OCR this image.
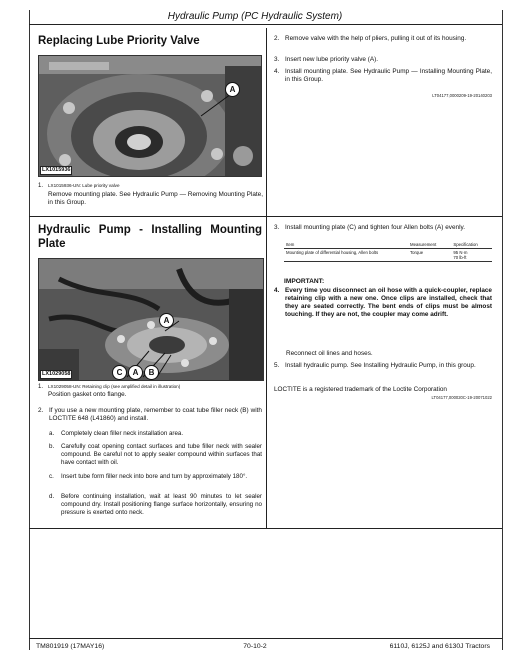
Hydraulic Pump (PC Hydraulic System)
Replacing Lube Priority Valve
A
LX1015936
1. LX1015936-UN: Lube priority valve
Remove mounting plate. See Hydraulic Pump — Removing Mounting Plate, in this Group.
2. Remove valve with the help of pliers, pulling it out of its housing.
3. Insert new lube priority valve (A).
4. Install mounting plate. See Hydraulic Pump — Installing Mounting Plate, in this Group.
LT04177,0000209-19-20140203
Hydraulic Pump - Installing Mounting Plate
A
C	A	B
LX1029058
1. LX1029058-UN: Retaining clip (see amplified detail in illustration)
Position gasket onto flange.
2. If you use a new mounting plate, remember to coat tube filler neck (B) with LOCTITE 648 (L41860) and install.
a. Completely clean filler neck installation area.
b. Carefully coat opening contact surfaces and tube filler neck with sealer compound. Be careful not to apply sealer compound within surfaces that have contact with oil.
c. Insert tube form filler neck into bore and turn by approximately 180°.
d. Before continuing installation, wait at least 90 minutes to let sealer compound dry. Install positioning flange surface horizontally, ensuring no pressure is exerted onto neck.
3. Install mounting plate (C) and tighten four Allen bolts (A) evenly.
Item	Measurement	Specification
Mounting plate of differential housing, Allen bolts	Torque	95 N·m
70 lb-ft
IMPORTANT:
4. Every time you disconnect an oil hose with a quick-coupler, replace retaining clip with a new one. Once clips are installed, check that they are seated correctly. The bent ends of clips must be almost touching. If they are not, the coupler may come adrift.
Reconnect oil lines and hoses.
5. Install hydraulic pump. See Installing Hydraulic Pump, in this group.
LOCTITE is a registered trademark of the Loctite Corporation
LT04177,000020C-19-20071022
TM801919 (17MAY16)	70-10-2	6110J, 6125J and 6130J Tractors
